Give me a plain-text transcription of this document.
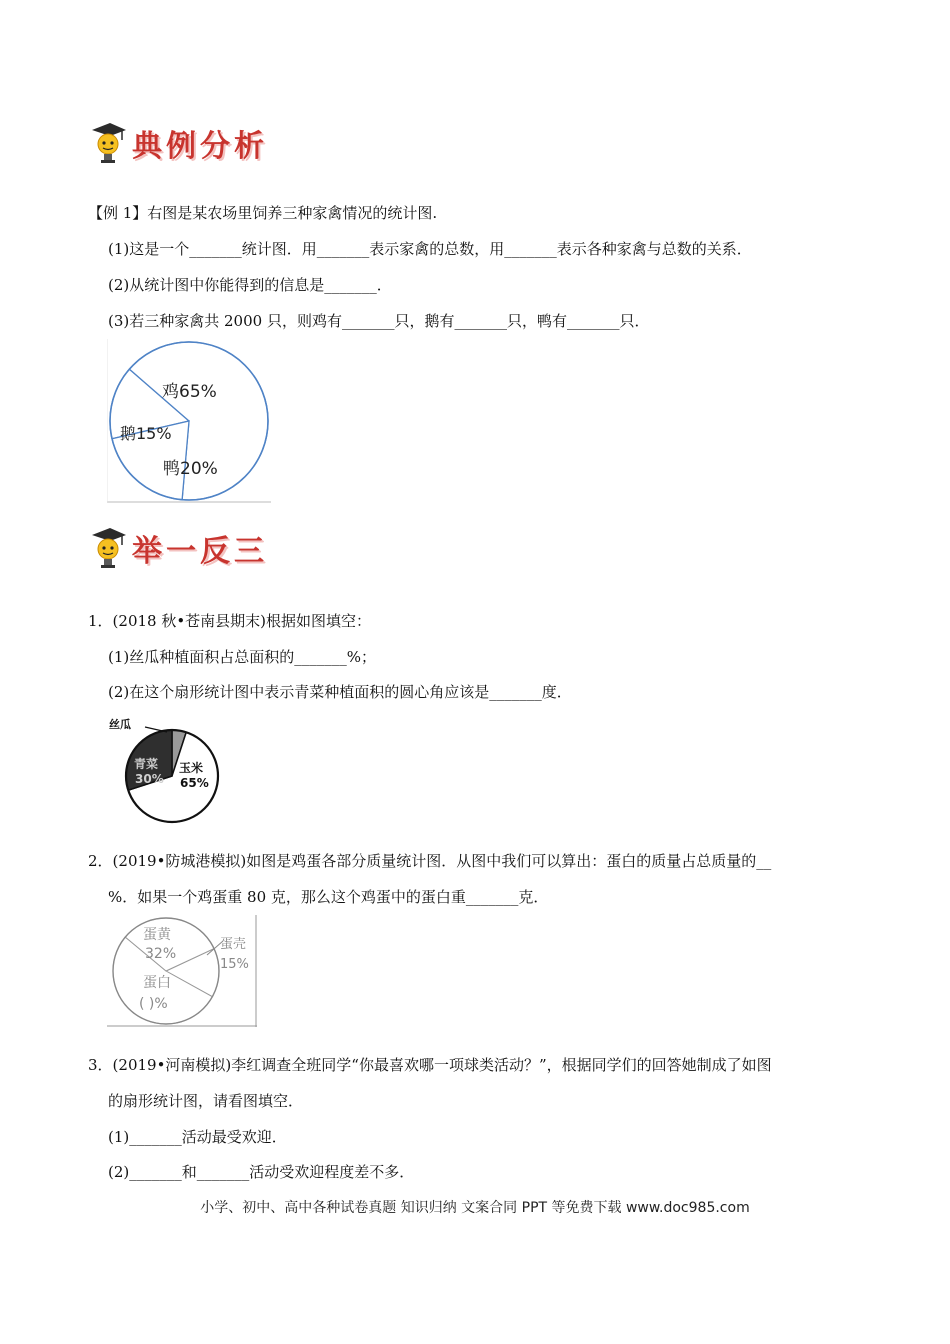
典例分析
【例 1】右图是某农场里饲养三种家禽情况的统计图.
(1)这是一个_______统计图．用_______表示家禽的总数，用_______表示各种家禽与总数的关系．
(2)从统计图中你能得到的信息是_______．
(3)若三种家禽共 2000 只，则鸡有_______只，鹅有_______只，鸭有_______只．
鸡65%
鹅15%
鸭20%
举一反三
1．(2018 秋•苍南县期末)根据如图填空：
(1)丝瓜种植面积占总面积的_______%；
(2)在这个扇形统计图中表示青菜种植面积的圆心角应该是_______度．
丝瓜
青菜
30%
玉米
65%
2．(2019•防城港模拟)如图是鸡蛋各部分质量统计图．从图中我们可以算出：蛋白的质量占总质量的__
%．如果一个鸡蛋重 80 克，那么这个鸡蛋中的蛋白重_______克．
蛋黄
32%
蛋壳
15%
蛋白
( )%
3．(2019•河南模拟)李红调查全班同学“你最喜欢哪一项球类活动？”，根据同学们的回答她制成了如图
的扇形统计图，请看图填空．
(1)_______活动最受欢迎．
(2)_______和_______活动受欢迎程度差不多．
小学、初中、高中各种试卷真题 知识归纳 文案合同 PPT 等免费下载 www.doc985.com
